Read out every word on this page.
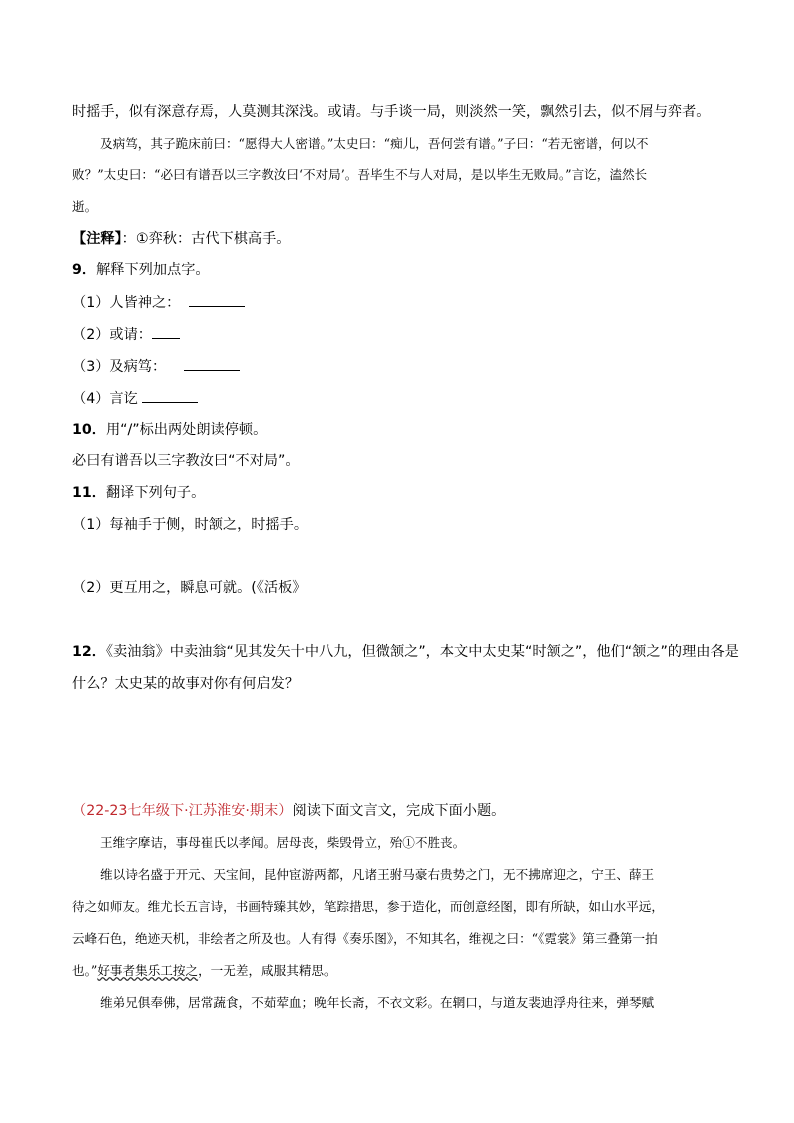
时摇手，似有深意存焉，人莫测其深浅。或请。与手谈一局，则淡然一笑，飘然引去，似不屑与弈者。
及病笃，其子跪床前曰：“愿得大人密谱。”太史曰：“痴儿，吾何尝有谱。”子曰：“若无密谱，何以不
败？”太史曰：“必曰有谱吾以三字教汝曰‘不对局’。吾毕生不与人对局，是以毕生无败局。”言讫，溘然长
逝。
【注释】：①弈秋：古代下棋高手。
9．解释下列加点字。
（1）人皆神之：
（2）或请：
（3）及病笃：
（4）言讫
10．用“/”标出两处朗读停顿。
必曰有谱吾以三字教汝曰“不对局”。
11．翻译下列句子。
（1）每袖手于侧，时颔之，时摇手。
（2）更互用之，瞬息可就。(《活板》
12．《卖油翁》中卖油翁“见其发矢十中八九，但微颔之”，本文中太史某“时颔之”，他们“颔之”的理由各是
什么？太史某的故事对你有何启发？
（22-23七年级下·江苏淮安·期末）阅读下面文言文，完成下面小题。
王维字摩诘，事母崔氏以孝闻。居母丧，柴毁骨立，殆①不胜丧。
维以诗名盛于开元、天宝间，昆仲宦游两都，凡诸王驸马豪右贵势之门，无不拂席迎之，宁王、薛王
待之如师友。维尤长五言诗，书画特臻其妙，笔踪措思，参于造化，而创意经图，即有所缺，如山水平远，
云峰石色，绝迹天机，非绘者之所及也。人有得《奏乐图》，不知其名，维视之曰：“《霓裳》第三叠第一拍
也。”好事者集乐工按之，一无差，咸服其精思。
维弟兄俱奉佛，居常蔬食，不茹荤血；晚年长斋，不衣文彩。在辋口，与道友裴迪浮舟往来，弹琴赋
